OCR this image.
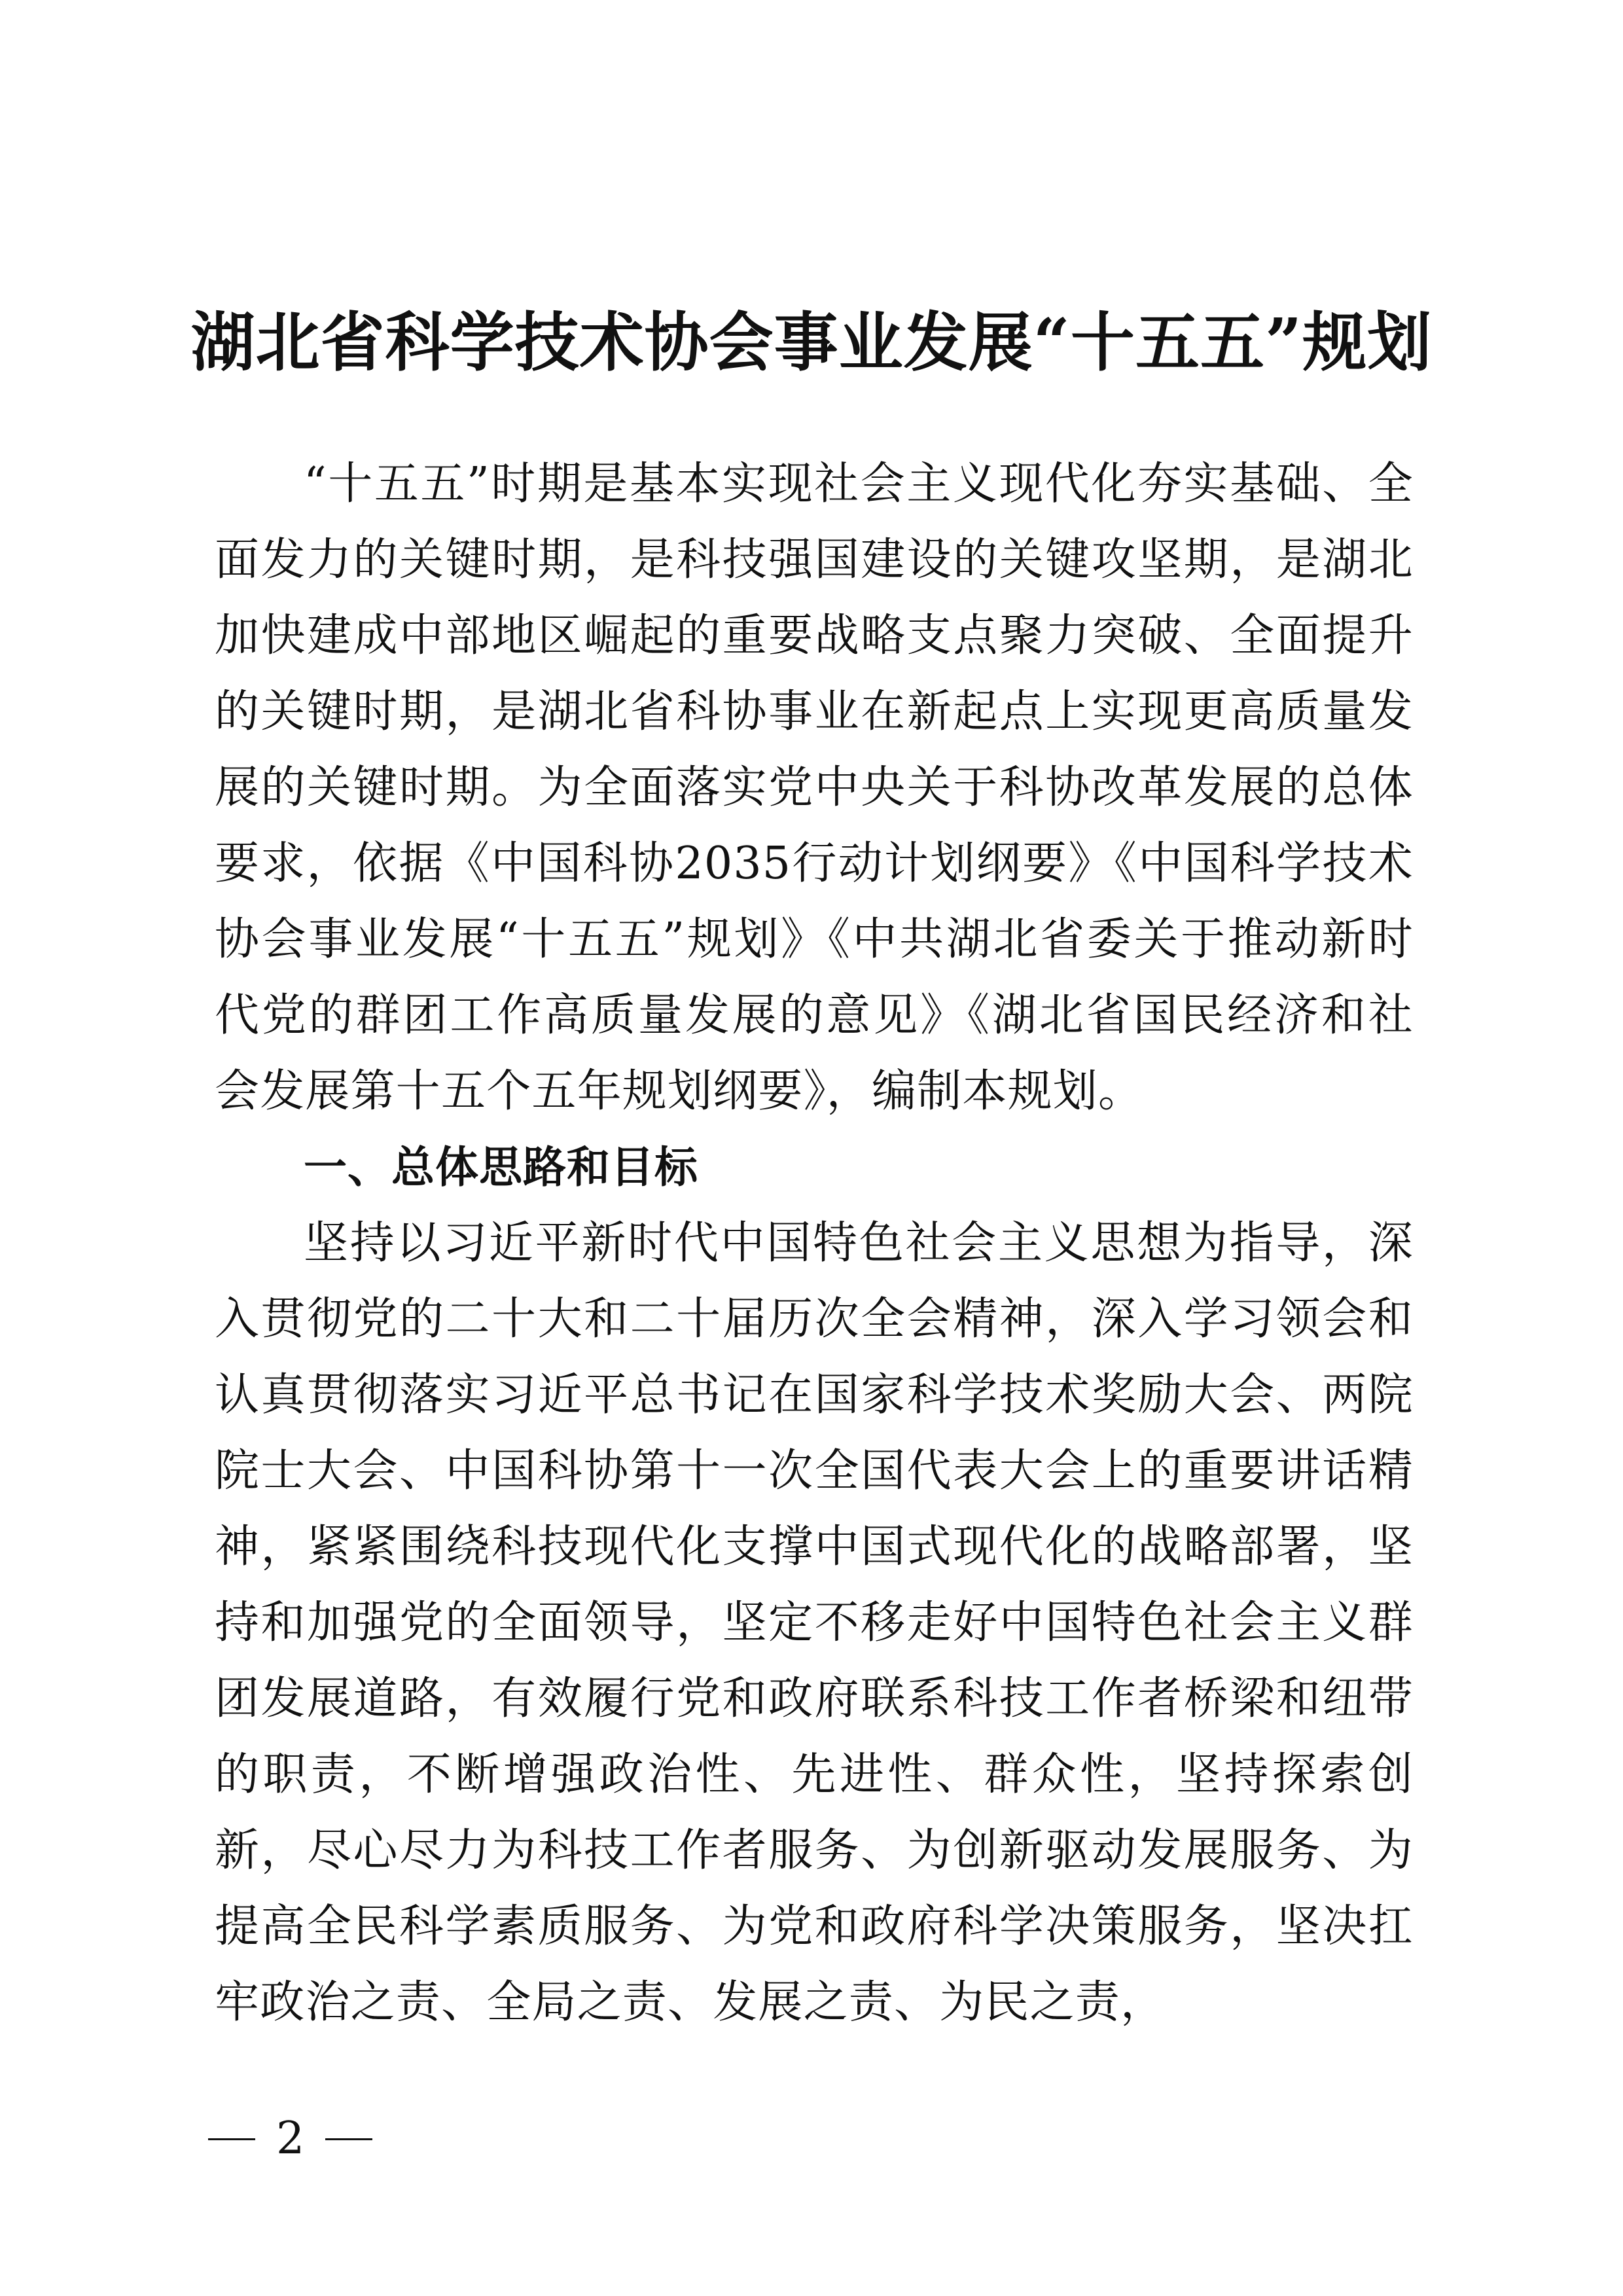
湖北省科学技术协会事业发展“十五五”规划

“十五五”时期是基本实现社会主义现代化夯实基础、全面发力的关键时期，是科技强国建设的关键攻坚期，是湖北加快建成中部地区崛起的重要战略支点聚力突破、全面提升的关键时期，是湖北省科协事业在新起点上实现更高质量发展的关键时期。为全面落实党中央关于科协改革发展的总体要求，依据《中国科协2035行动计划纲要》《中国科学技术协会事业发展“十五五”规划》《中共湖北省委关于推动新时代党的群团工作高质量发展的意见》《湖北省国民经济和社会发展第十五个五年规划纲要》，编制本规划。

一、总体思路和目标

坚持以习近平新时代中国特色社会主义思想为指导，深入贯彻党的二十大和二十届历次全会精神，深入学习领会和认真贯彻落实习近平总书记在国家科学技术奖励大会、两院院士大会、中国科协第十一次全国代表大会上的重要讲话精神，紧紧围绕科技现代化支撑中国式现代化的战略部署，坚持和加强党的全面领导，坚定不移走好中国特色社会主义群团发展道路，有效履行党和政府联系科技工作者桥梁和纽带的职责，不断增强政治性、先进性、群众性，坚持探索创新，尽心尽力为科技工作者服务、为创新驱动发展服务、为提高全民科学素质服务、为党和政府科学决策服务，坚决扛牢政治之责、全局之责、发展之责、为民之责，

2
